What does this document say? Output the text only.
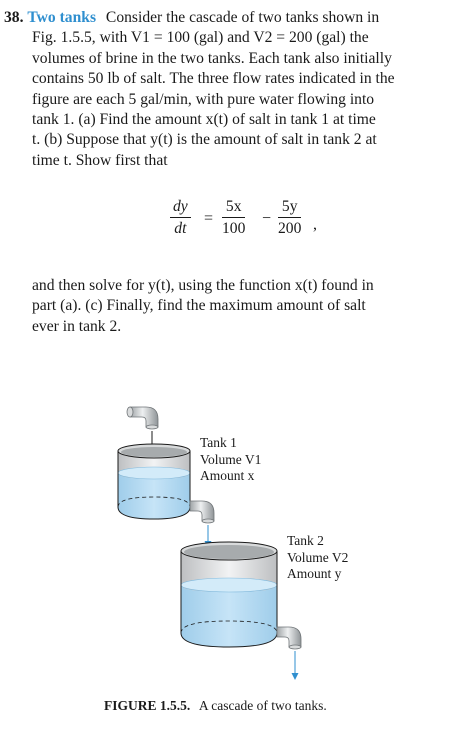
38. Two tanks Consider the cascade of two tanks shown in

Fig. 1.5.5, with V1 = 100 (gal) and V2 = 200 (gal) the
volumes of brine in the two tanks. Each tank also initially
contains 50 lb of salt. The three flow rates indicated in the
figure are each 5 gal/min, with pure water flowing into
tank 1. (a) Find the amount x(t) of salt in tank 1 at time
t. (b) Suppose that y(t) is the amount of salt in tank 2 at
time t. Show first that
$\frac{dy}{dt} = \frac{5x}{100} - \frac{5y}{200}$ ,
and then solve for y(t), using the function x(t) found in
part (a). (c) Finally, find the maximum amount of salt
ever in tank 2.
Tank 1
Volume V1
Amount x
Tank 2
Volume V2
Amount y
FIGURE 1.5.5. A cascade of two tanks.
